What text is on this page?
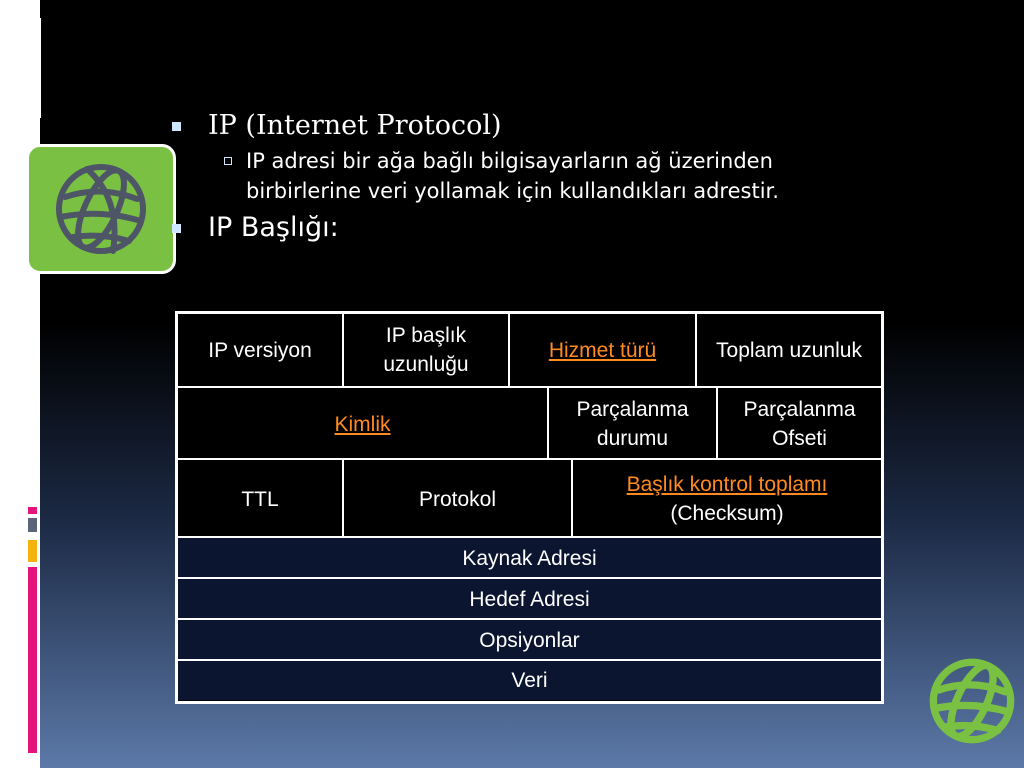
IP (Internet Protocol)
IP adresi bir ağa bağlı bilgisayarların ağ üzerinden birbirlerine veri yollamak için kullandıkları adrestir.
IP Başlığı:
IP versiyon
IP başlık uzunluğu
Hizmet türü	Toplam uzunluk
Kimlik
Parçalanma durumu
Parçalanma Ofseti
TTL	Protokol
Başlık kontrol toplamı
(Checksum)
Kaynak Adresi
Hedef Adresi
Opsiyonlar
Veri
